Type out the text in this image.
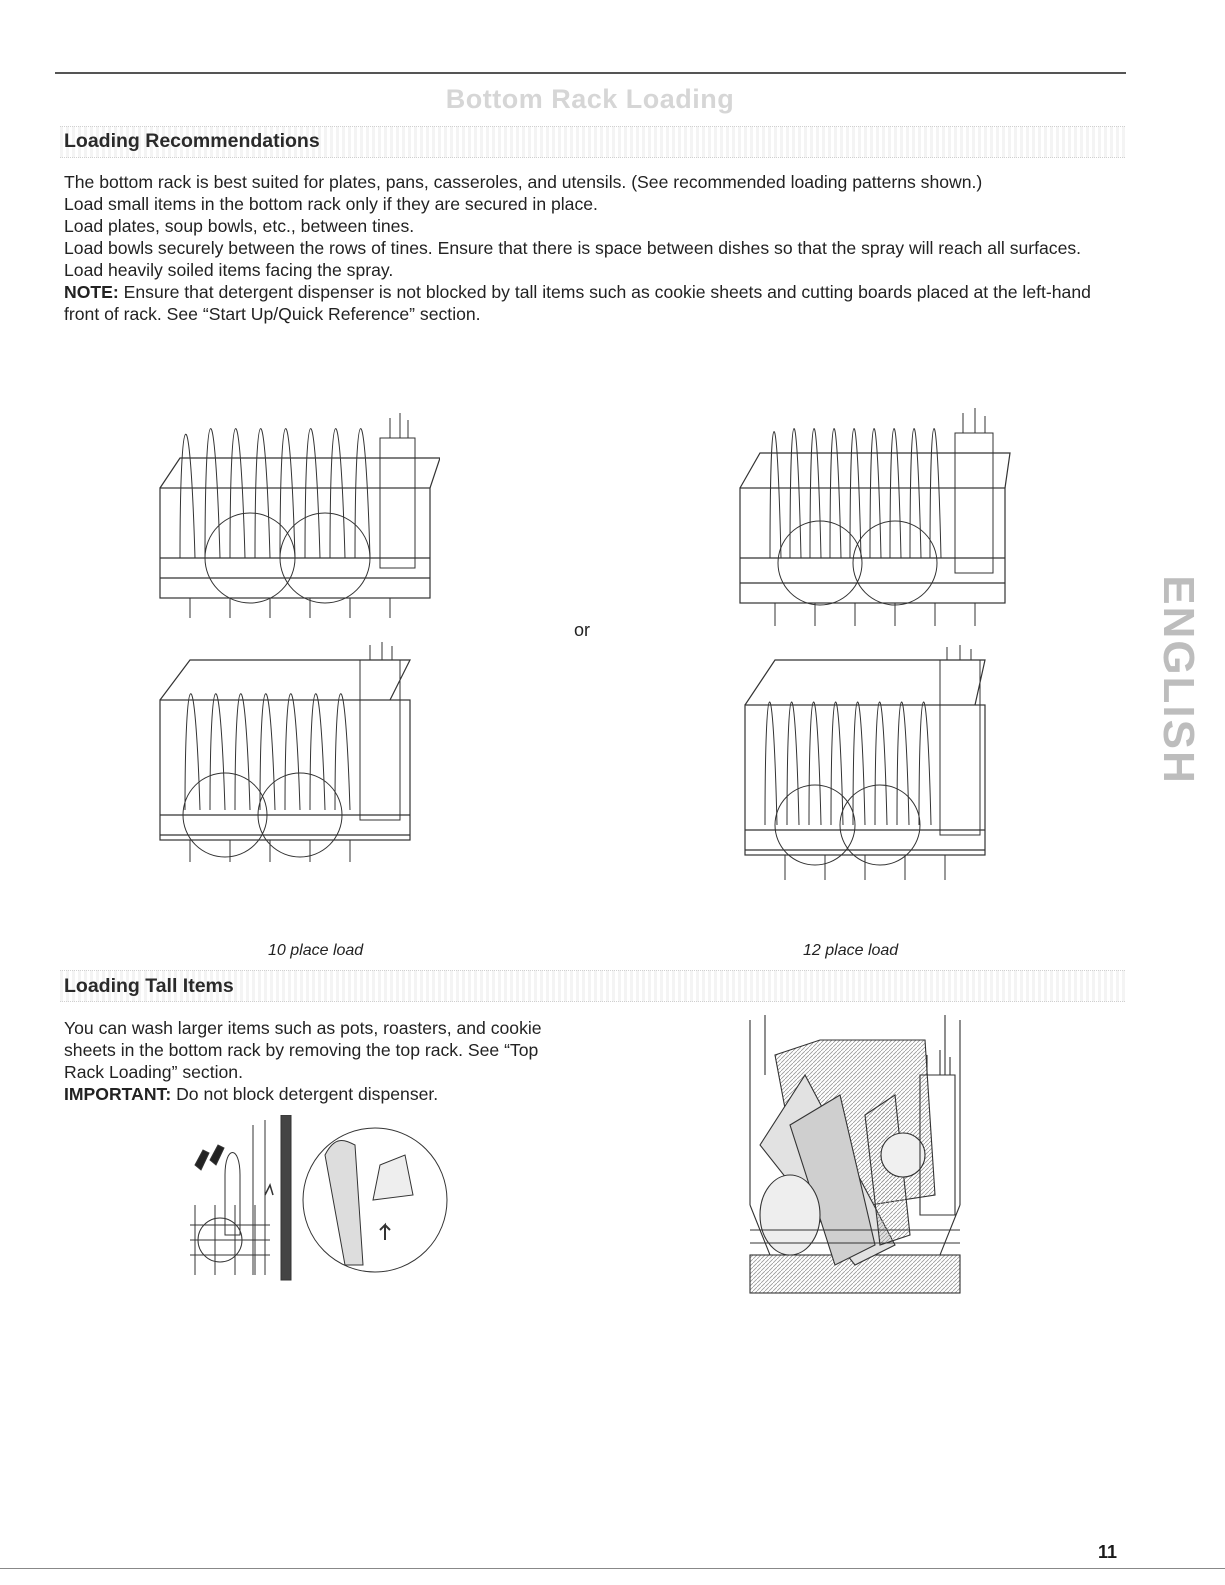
Bottom Rack Loading
Loading Recommendations

The bottom rack is best suited for plates, pans, casseroles, and utensils. (See recommended loading patterns shown.)

Load small items in the bottom rack only if they are secured in place.

Load plates, soup bowls, etc., between tines.

Load bowls securely between the rows of tines. Ensure that there is space between dishes so that the spray will reach all surfaces.

Load heavily soiled items facing the spray.

NOTE: Ensure that detergent dispenser is not blocked by tall items such as cookie sheets and cutting boards placed at the left-hand front of rack. See “Start Up/Quick Reference” section.

or
10 place load	12 place load
Loading Tall Items

You can wash larger items such as pots, roasters, and cookie sheets in the bottom rack by removing the top rack. See “Top Rack Loading” section.

IMPORTANT: Do not block detergent dispenser.

ENGLISH
11
